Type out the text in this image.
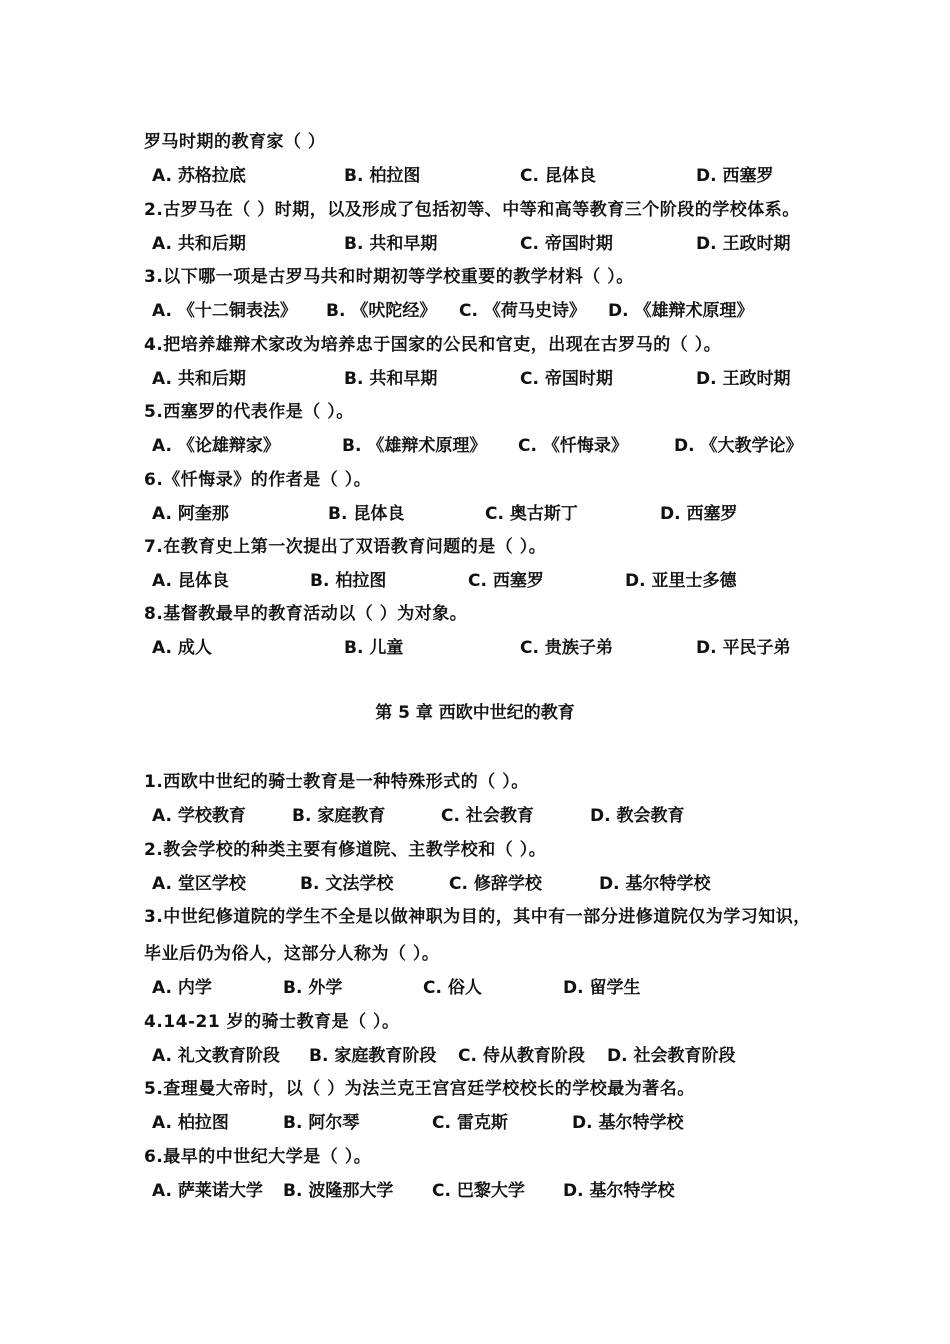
罗马时期的教育家（ ）
A. 苏格拉底	B. 柏拉图	C. 昆体良	D. 西塞罗
2.古罗马在（ ）时期，以及形成了包括初等、中等和高等教育三个阶段的学校体系。
A. 共和后期	B. 共和早期	C. 帝国时期	D. 王政时期
3.以下哪一项是古罗马共和时期初等学校重要的教学材料（ ）。
A. 《十二铜表法》 B. 《吠陀经》 C. 《荷马史诗》 D. 《雄辩术原理》
4.把培养雄辩术家改为培养忠于国家的公民和官吏，出现在古罗马的（ ）。
A. 共和后期	B. 共和早期	C. 帝国时期	D. 王政时期
5.西塞罗的代表作是（ ）。
A. 《论雄辩家》	B. 《雄辩术原理》 C. 《忏悔录》	D. 《大教学论》
6.《忏悔录》的作者是（ ）。
A. 阿奎那	B. 昆体良	C. 奥古斯丁	D. 西塞罗
7.在教育史上第一次提出了双语教育问题的是（ ）。
A. 昆体良	B. 柏拉图	C. 西塞罗	D. 亚里士多德
8.基督教最早的教育活动以（ ）为对象。
A. 成人	B. 儿童	C. 贵族子弟	D. 平民子弟
第 5 章 西欧中世纪的教育
1.西欧中世纪的骑士教育是一种特殊形式的（ ）。
A. 学校教育	B. 家庭教育	C. 社会教育	D. 教会教育
2.教会学校的种类主要有修道院、主教学校和（ ）。
A. 堂区学校	B. 文法学校	C. 修辞学校	D. 基尔特学校
3.中世纪修道院的学生不全是以做神职为目的，其中有一部分进修道院仅为学习知识，
毕业后仍为俗人，这部分人称为（ ）。
A. 内学	B. 外学	C. 俗人	D. 留学生
4.14-21 岁的骑士教育是（ ）。
A. 礼文教育阶段 B. 家庭教育阶段 C. 侍从教育阶段 D. 社会教育阶段
5.查理曼大帝时，以（ ）为法兰克王宫宫廷学校校长的学校最为著名。
A. 柏拉图	B. 阿尔琴	C. 雷克斯	D. 基尔特学校
6.最早的中世纪大学是（ ）。
A. 萨莱诺大学 B. 波隆那大学 C. 巴黎大学 D. 基尔特学校
